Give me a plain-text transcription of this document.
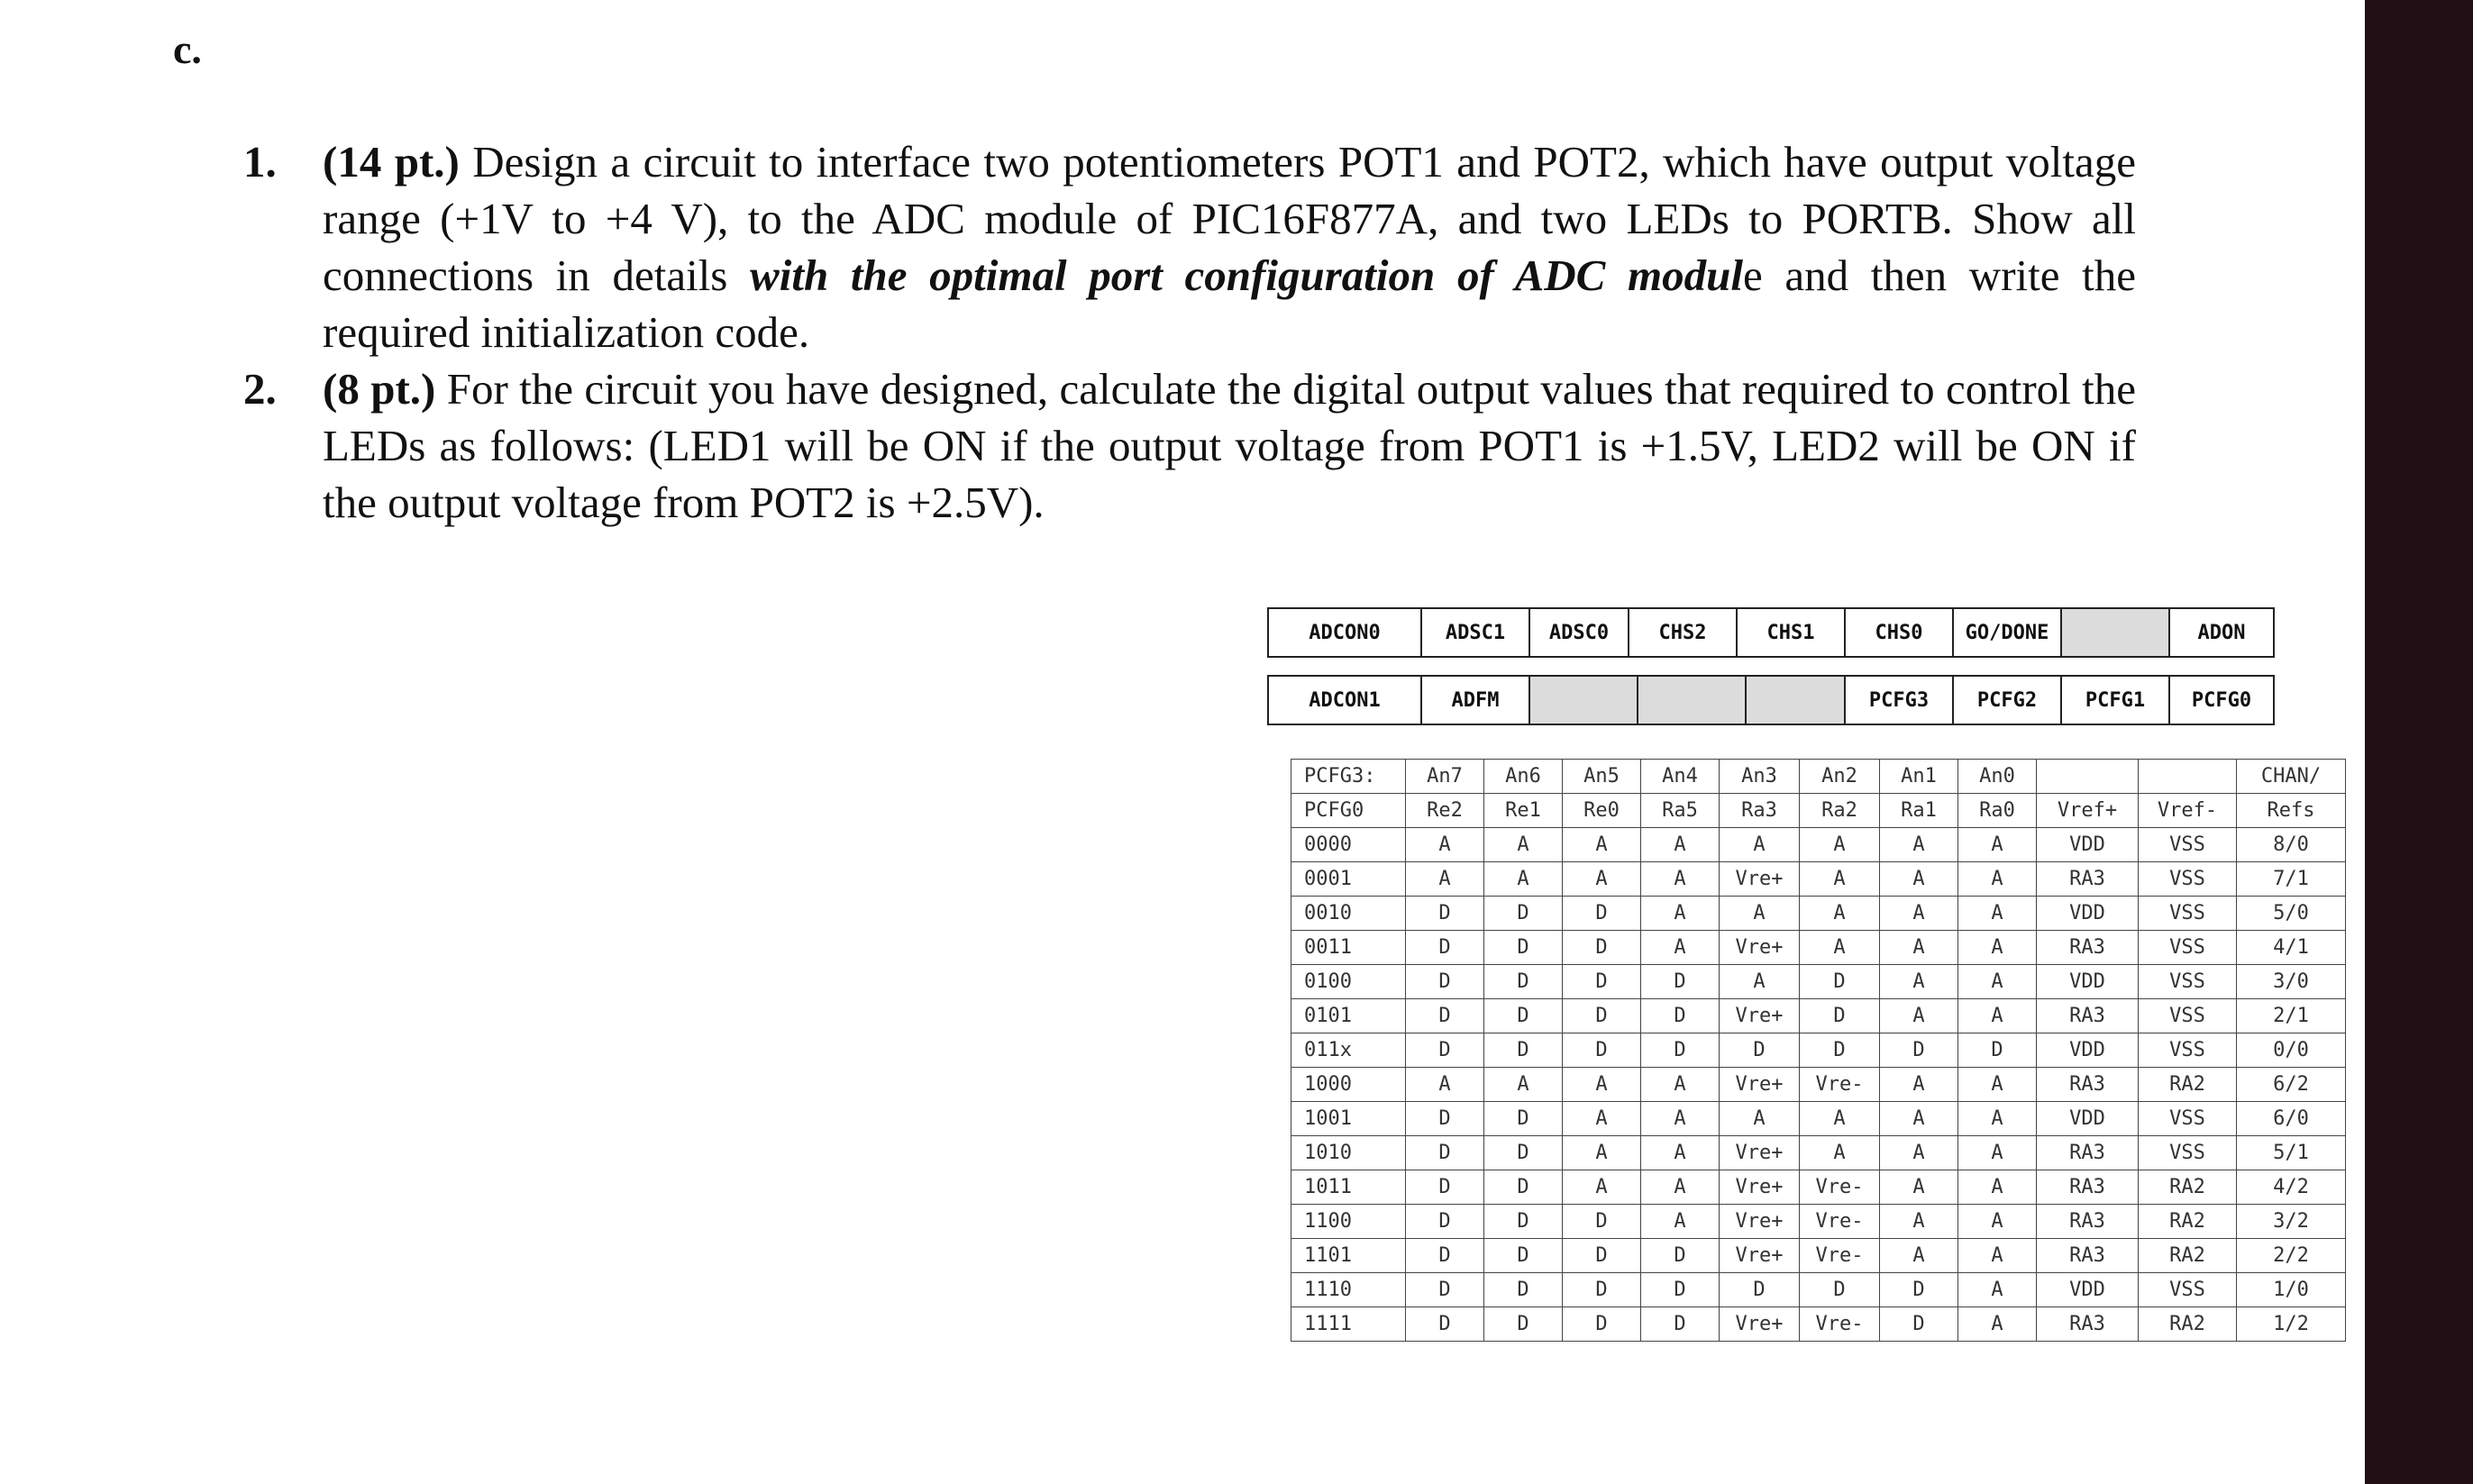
c.
1.	(14 pt.) Design a circuit to interface two potentiometers POT1 and POT2, which have output voltage range (+1V to +4 V), to the ADC module of PIC16F877A, and two LEDs to PORTB. Show all connections in details with the optimal port configuration of ADC module and then write the required initialization code.
2.	(8 pt.) For the circuit you have designed, calculate the digital output values that required to control the LEDs as follows: (LED1 will be ON if the output voltage from POT1 is +1.5V, LED2 will be ON if the output voltage from POT2 is +2.5V).
ADCON0	ADSC1	ADSC0	CHS2	CHS1	CHS0	GO/DONE		ADON
ADCON1	ADFM				PCFG3	PCFG2	PCFG1	PCFG0
PCFG3:	An7	An6	An5	An4	An3	An2	An1	An0			CHAN/
PCFG0	Re2	Re1	Re0	Ra5	Ra3	Ra2	Ra1	Ra0	Vref+	Vref-	Refs
0000	A	A	A	A	A	A	A	A	VDD	VSS	8/0
0001	A	A	A	A	Vre+	A	A	A	RA3	VSS	7/1
0010	D	D	D	A	A	A	A	A	VDD	VSS	5/0
0011	D	D	D	A	Vre+	A	A	A	RA3	VSS	4/1
0100	D	D	D	D	A	D	A	A	VDD	VSS	3/0
0101	D	D	D	D	Vre+	D	A	A	RA3	VSS	2/1
011x	D	D	D	D	D	D	D	D	VDD	VSS	0/0
1000	A	A	A	A	Vre+	Vre-	A	A	RA3	RA2	6/2
1001	D	D	A	A	A	A	A	A	VDD	VSS	6/0
1010	D	D	A	A	Vre+	A	A	A	RA3	VSS	5/1
1011	D	D	A	A	Vre+	Vre-	A	A	RA3	RA2	4/2
1100	D	D	D	A	Vre+	Vre-	A	A	RA3	RA2	3/2
1101	D	D	D	D	Vre+	Vre-	A	A	RA3	RA2	2/2
1110	D	D	D	D	D	D	D	A	VDD	VSS	1/0
1111	D	D	D	D	Vre+	Vre-	D	A	RA3	RA2	1/2
